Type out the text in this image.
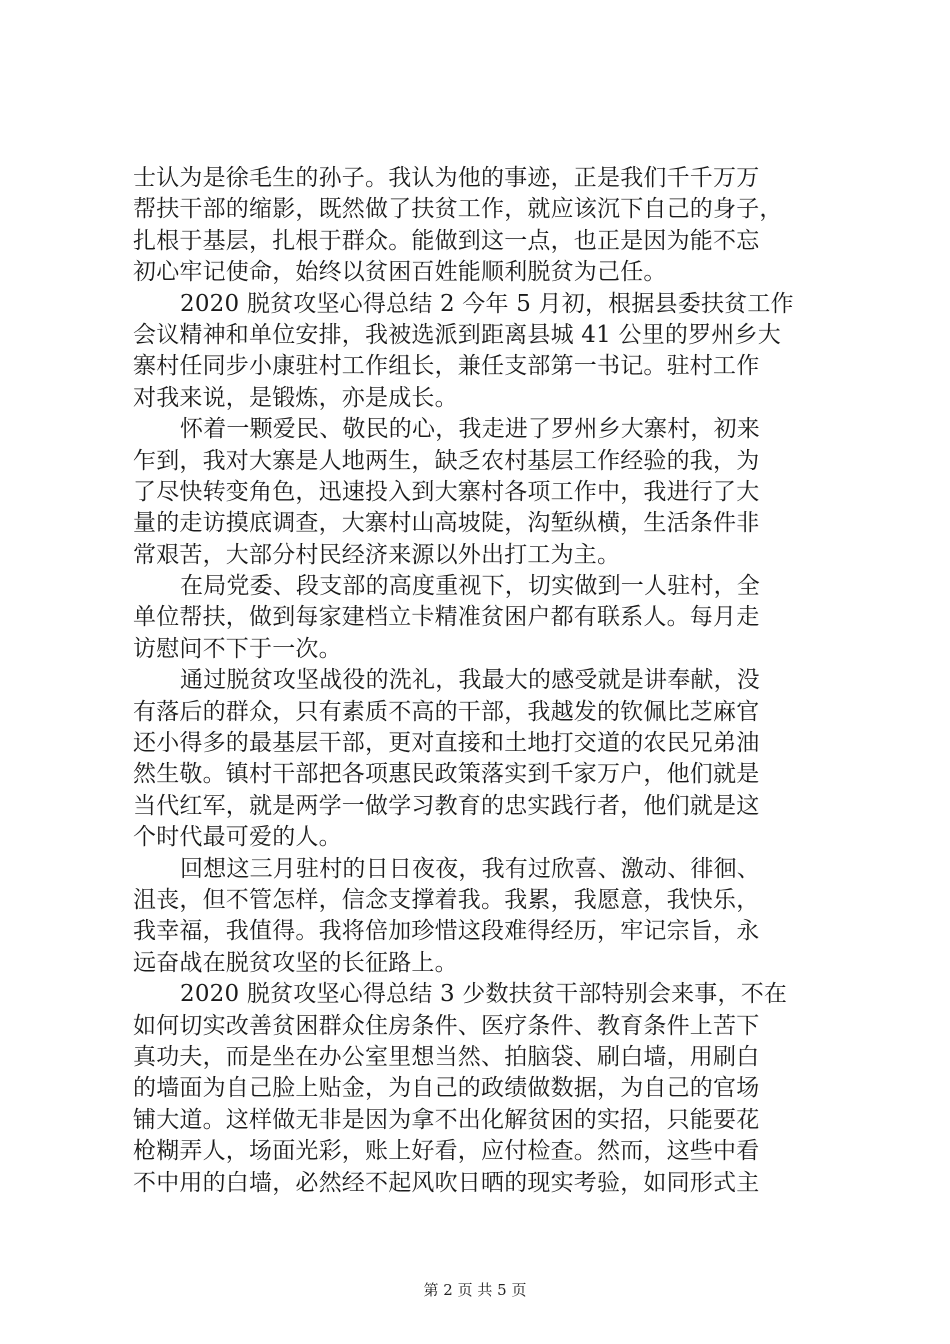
士认为是徐毛生的孙子。我认为他的事迹，正是我们千千万万
帮扶干部的缩影，既然做了扶贫工作，就应该沉下自己的身子，
扎根于基层，扎根于群众。能做到这一点，也正是因为能不忘
初心牢记使命，始终以贫困百姓能顺利脱贫为己任。
2020 脱贫攻坚心得总结 2 今年 5 月初，根据县委扶贫工作
会议精神和单位安排，我被选派到距离县城 41 公里的罗州乡大
寨村任同步小康驻村工作组长，兼任支部第一书记。驻村工作
对我来说，是锻炼，亦是成长。
怀着一颗爱民、敬民的心，我走进了罗州乡大寨村，初来
乍到，我对大寨是人地两生，缺乏农村基层工作经验的我，为
了尽快转变角色，迅速投入到大寨村各项工作中，我进行了大
量的走访摸底调查，大寨村山高坡陡，沟堑纵横，生活条件非
常艰苦，大部分村民经济来源以外出打工为主。
在局党委、段支部的高度重视下，切实做到一人驻村，全
单位帮扶，做到每家建档立卡精准贫困户都有联系人。每月走
访慰问不下于一次。
通过脱贫攻坚战役的洗礼，我最大的感受就是讲奉献，没
有落后的群众，只有素质不高的干部，我越发的钦佩比芝麻官
还小得多的最基层干部，更对直接和土地打交道的农民兄弟油
然生敬。镇村干部把各项惠民政策落实到千家万户，他们就是
当代红军，就是两学一做学习教育的忠实践行者，他们就是这
个时代最可爱的人。
回想这三月驻村的日日夜夜，我有过欣喜、激动、徘徊、
沮丧，但不管怎样，信念支撑着我。我累，我愿意，我快乐，
我幸福，我值得。我将倍加珍惜这段难得经历，牢记宗旨，永
远奋战在脱贫攻坚的长征路上。
2020 脱贫攻坚心得总结 3 少数扶贫干部特别会来事，不在
如何切实改善贫困群众住房条件、医疗条件、教育条件上苦下
真功夫，而是坐在办公室里想当然、拍脑袋、刷白墙，用刷白
的墙面为自己脸上贴金，为自己的政绩做数据，为自己的官场
铺大道。这样做无非是因为拿不出化解贫困的实招，只能要花
枪糊弄人，场面光彩，账上好看，应付检查。然而，这些中看
不中用的白墙，必然经不起风吹日晒的现实考验，如同形式主
第 2 页 共 5 页
